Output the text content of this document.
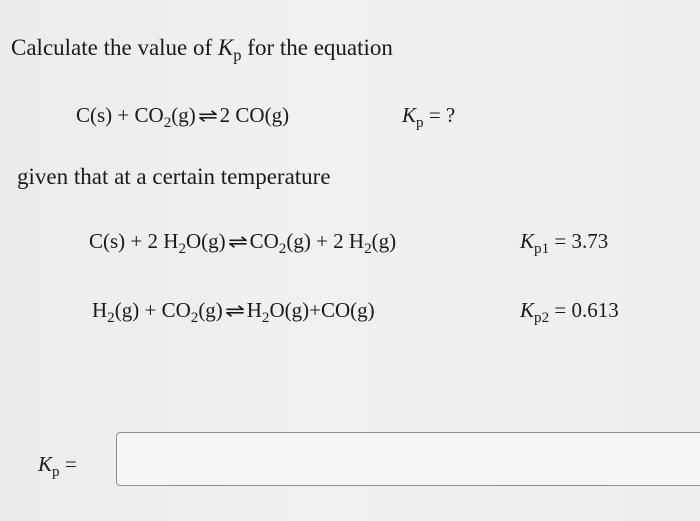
Calculate the value of $K_p$ for the equation
$C(s) + CO_2(g)$ ⇌2 CO(g)	$K_p$ = ?
given that at a certain temperature
C(s) + 2 $H_2O(g)$ $\rightleftharpoons CO_2(g) + 2$ $H_2(g)$	$K_{p1} = 3.73$
$H_2(g) + CO_2(g)$ $\rightleftharpoons H_2O(g)+CO(g)$	$K_{p2} = 0.613$
$K_p$ =
